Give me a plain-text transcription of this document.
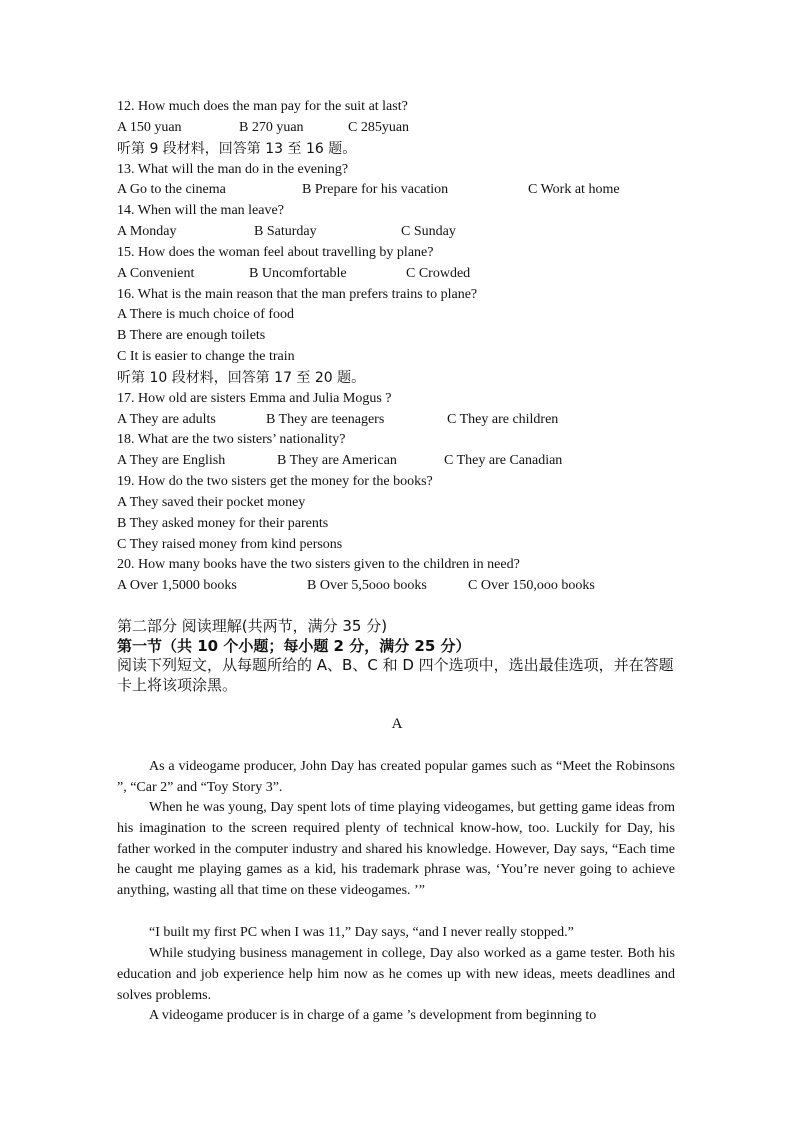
12. How much does the man pay for the suit at last?
A 150 yuan	B 270 yuan	C 285yuan
听第 9 段材料，回答第 13 至 16 题。
13. What will the man do in the evening?
A Go to the cinema	B Prepare for his vacation	C Work at home
14. When will the man leave?
A Monday	B Saturday	C Sunday
15. How does the woman feel about travelling by plane?
A Convenient	B Uncomfortable	C Crowded
16. What is the main reason that the man prefers trains to plane?
A There is much choice of food
B There are enough toilets
C It is easier to change the train
听第 10 段材料，回答第 17 至 20 题。
17. How old are sisters Emma and Julia Mogus ?
A They are adults	B They are teenagers	C They are children
18. What are the two sisters’ nationality?
A They are English	B They are American	C They are Canadian
19. How do the two sisters get the money for the books?
A They saved their pocket money
B They asked money for their parents
C They raised money from kind persons
20. How many books have the two sisters given to the children in need?
A Over 1,5000 books	B Over 5,5ooo books	C Over 150,ooo books
第二部分 阅读理解(共两节，满分 35 分)
第一节（共 10 个小题；每小题 2 分，满分 25 分）
阅读下列短文，从每题所给的 A、B、C 和 D 四个选项中，选出最佳选项，并在答题卡上将该项涂黑。
A
As a videogame producer, John Day has created popular games such as “Meet the Robinsons ”, “Car 2” and “Toy Story 3”.
When he was young, Day spent lots of time playing videogames, but getting game ideas from his imagination to the screen required plenty of technical know-how, too. Luckily for Day, his father worked in the computer industry and shared his knowledge. However, Day says, “Each time he caught me playing games as a kid, his trademark phrase was, ‘You’re never going to achieve anything, wasting all that time on these videogames. ’”
“I built my first PC when I was 11,” Day says, “and I never really stopped.”
While studying business management in college, Day also worked as a game tester. Both his education and job experience help him now as he comes up with new ideas, meets deadlines and solves problems.
A videogame producer is in charge of a game ’s development from beginning to
